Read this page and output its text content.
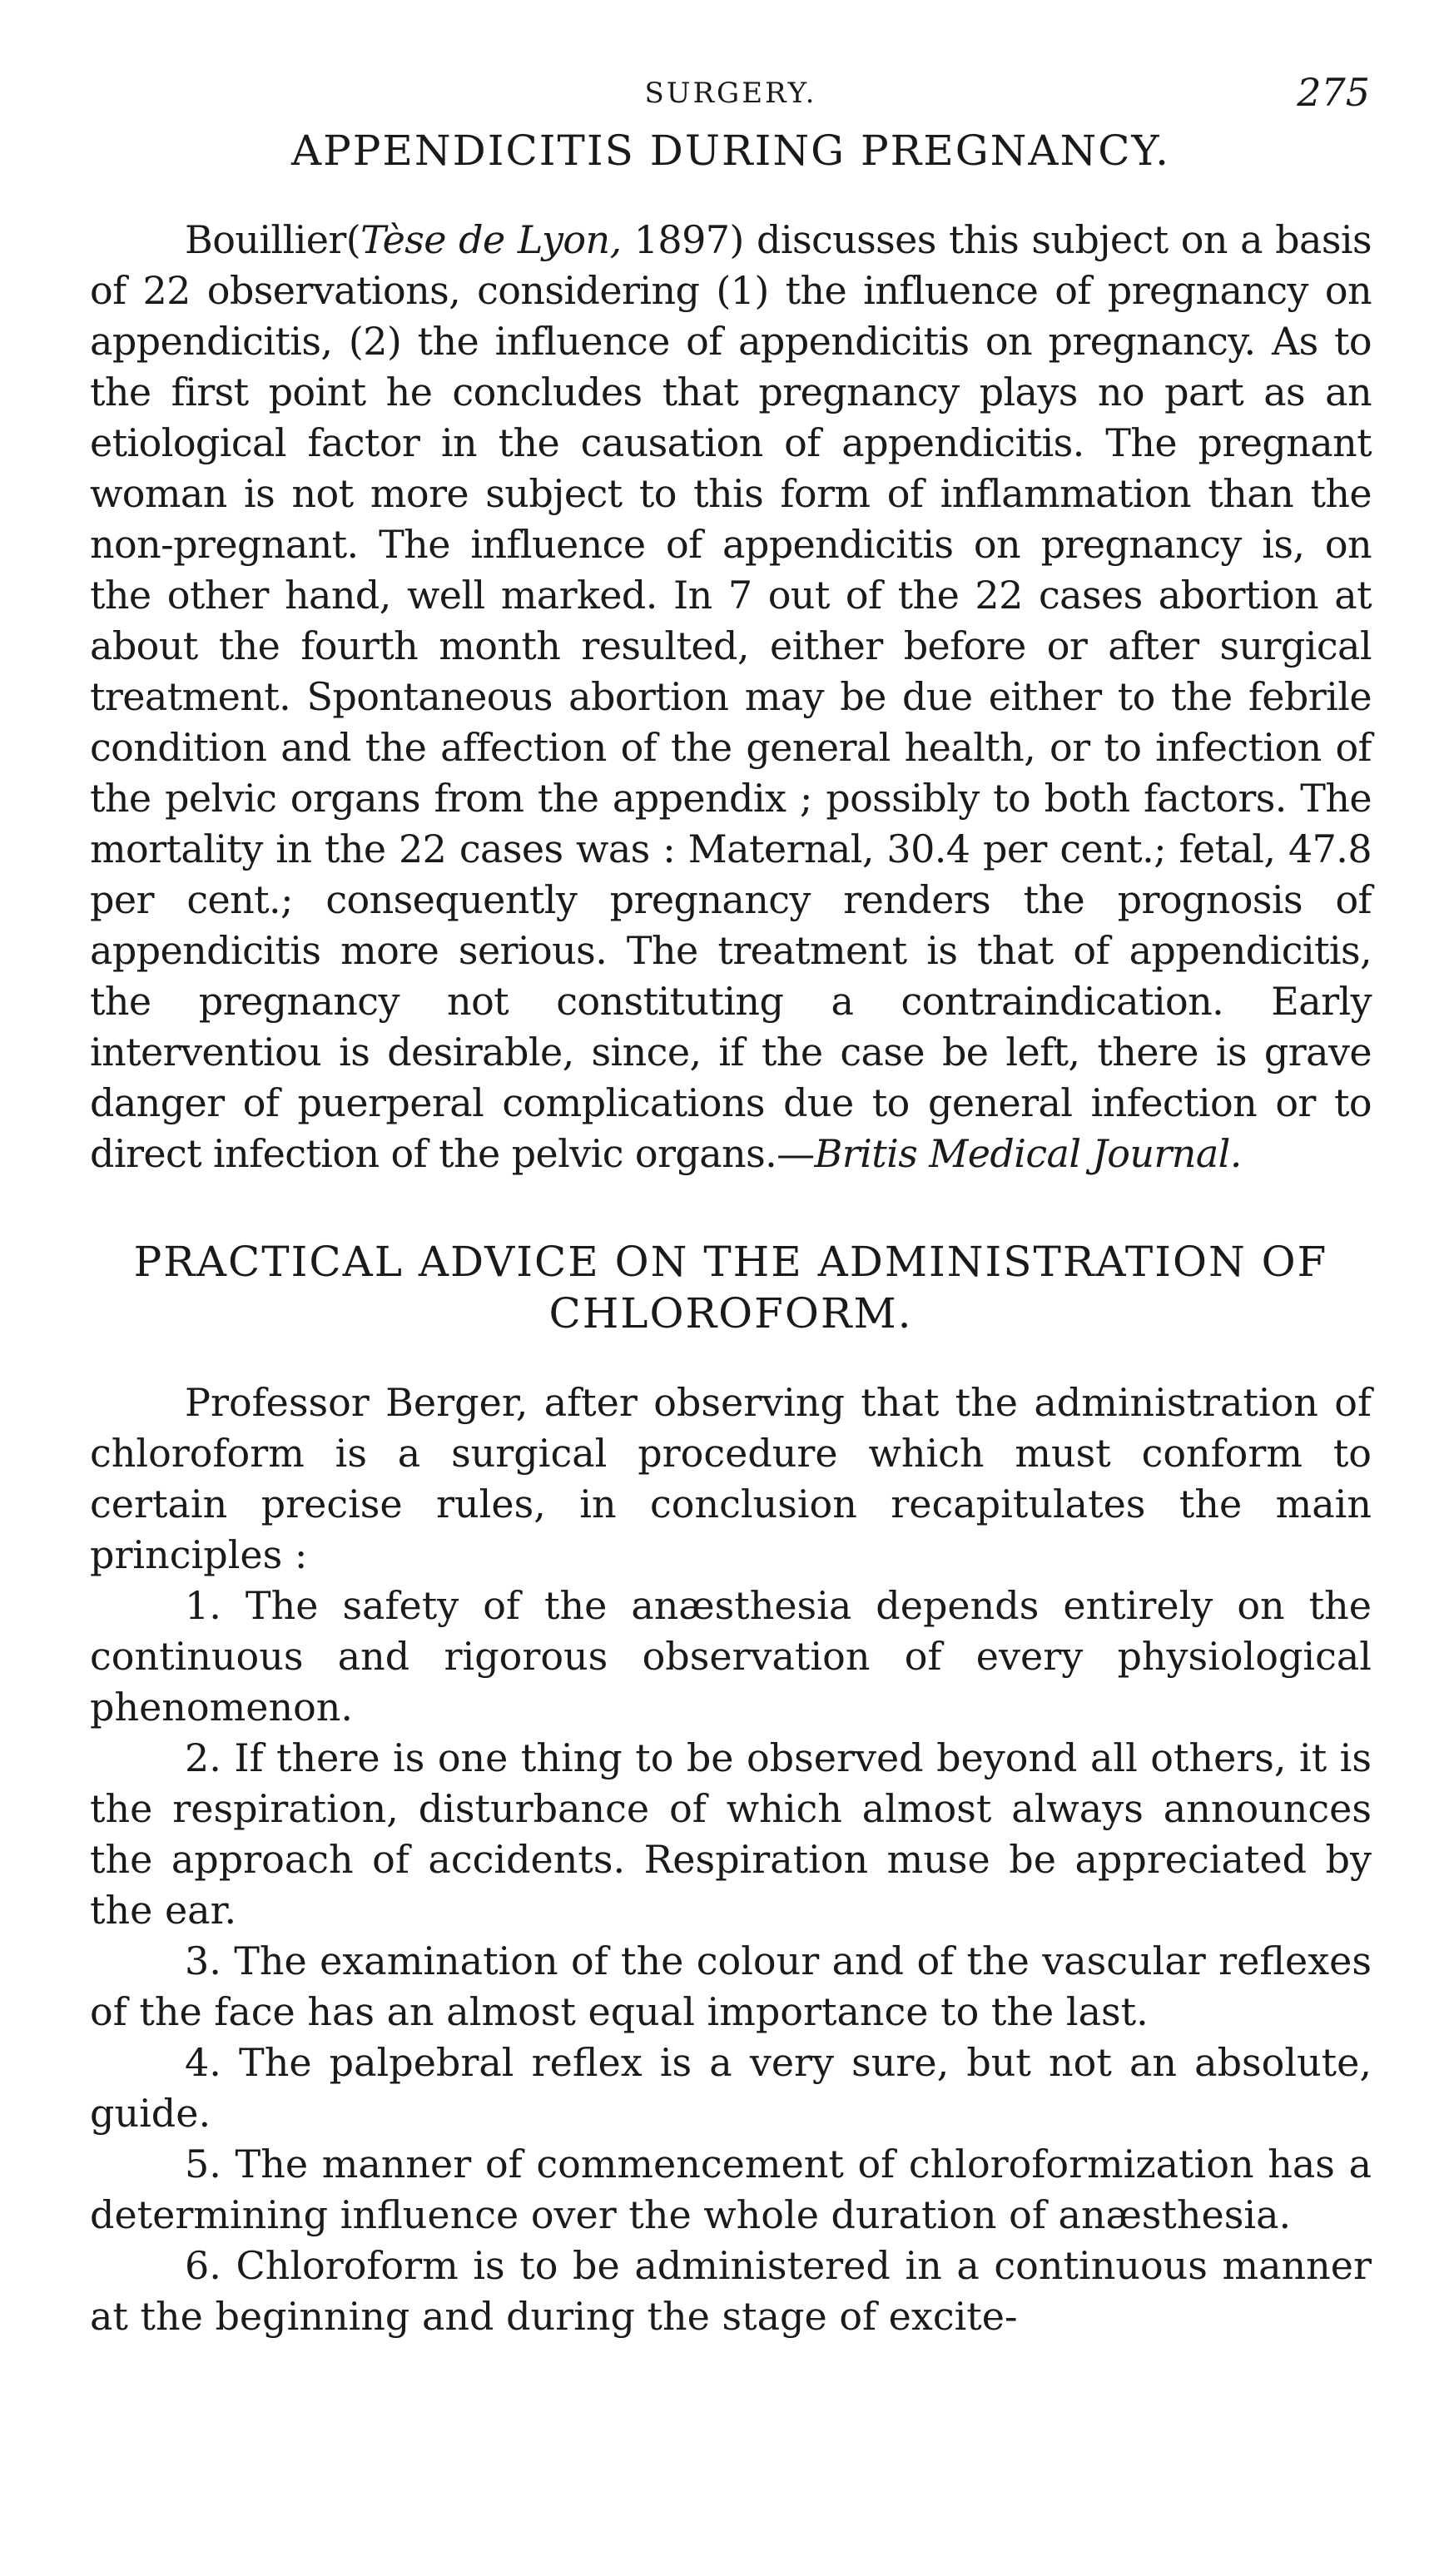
SURGERY.	275
APPENDICITIS DURING PREGNANCY.

Bouillier(Tèse de Lyon, 1897) discusses this subject on a basis of 22 observations, considering (1) the influence of pregnancy on appendicitis, (2) the influence of appendicitis on pregnancy. As to the first point he concludes that pregnancy plays no part as an etiological factor in the causation of appendicitis. The pregnant woman is not more subject to this form of inflammation than the non-pregnant. The influence of appendicitis on pregnancy is, on the other hand, well marked. In 7 out of the 22 cases abortion at about the fourth month resulted, either before or after surgical treatment. Spontaneous abortion may be due either to the febrile condition and the affection of the general health, or to infection of the pelvic organs from the appendix ; possibly to both factors. The mortality in the 22 cases was : Maternal, 30.4 per cent.; fetal, 47.8 per cent.; consequently pregnancy renders the prognosis of appendicitis more serious. The treatment is that of appendicitis, the pregnancy not constituting a contraindication. Early interventiou is desirable, since, if the case be left, there is grave danger of puerperal complications due to general infection or to direct infection of the pelvic organs.—Britis Medical Journal.

PRACTICAL ADVICE ON THE ADMINISTRATION OF CHLOROFORM.

Professor Berger, after observing that the administration of chloroform is a surgical procedure which must conform to certain precise rules, in conclusion recapitulates the main principles :

1. The safety of the anæsthesia depends entirely on the continuous and rigorous observation of every physiological phenomenon.

2. If there is one thing to be observed beyond all others, it is the respiration, disturbance of which almost always announces the approach of accidents. Respiration muse be appreciated by the ear.

3. The examination of the colour and of the vascular reflexes of the face has an almost equal importance to the last.

4. The palpebral reflex is a very sure, but not an absolute, guide.

5. The manner of commencement of chloroformization has a determining influence over the whole duration of anæsthesia.

6. Chloroform is to be administered in a continuous manner at the beginning and during the stage of excite-
